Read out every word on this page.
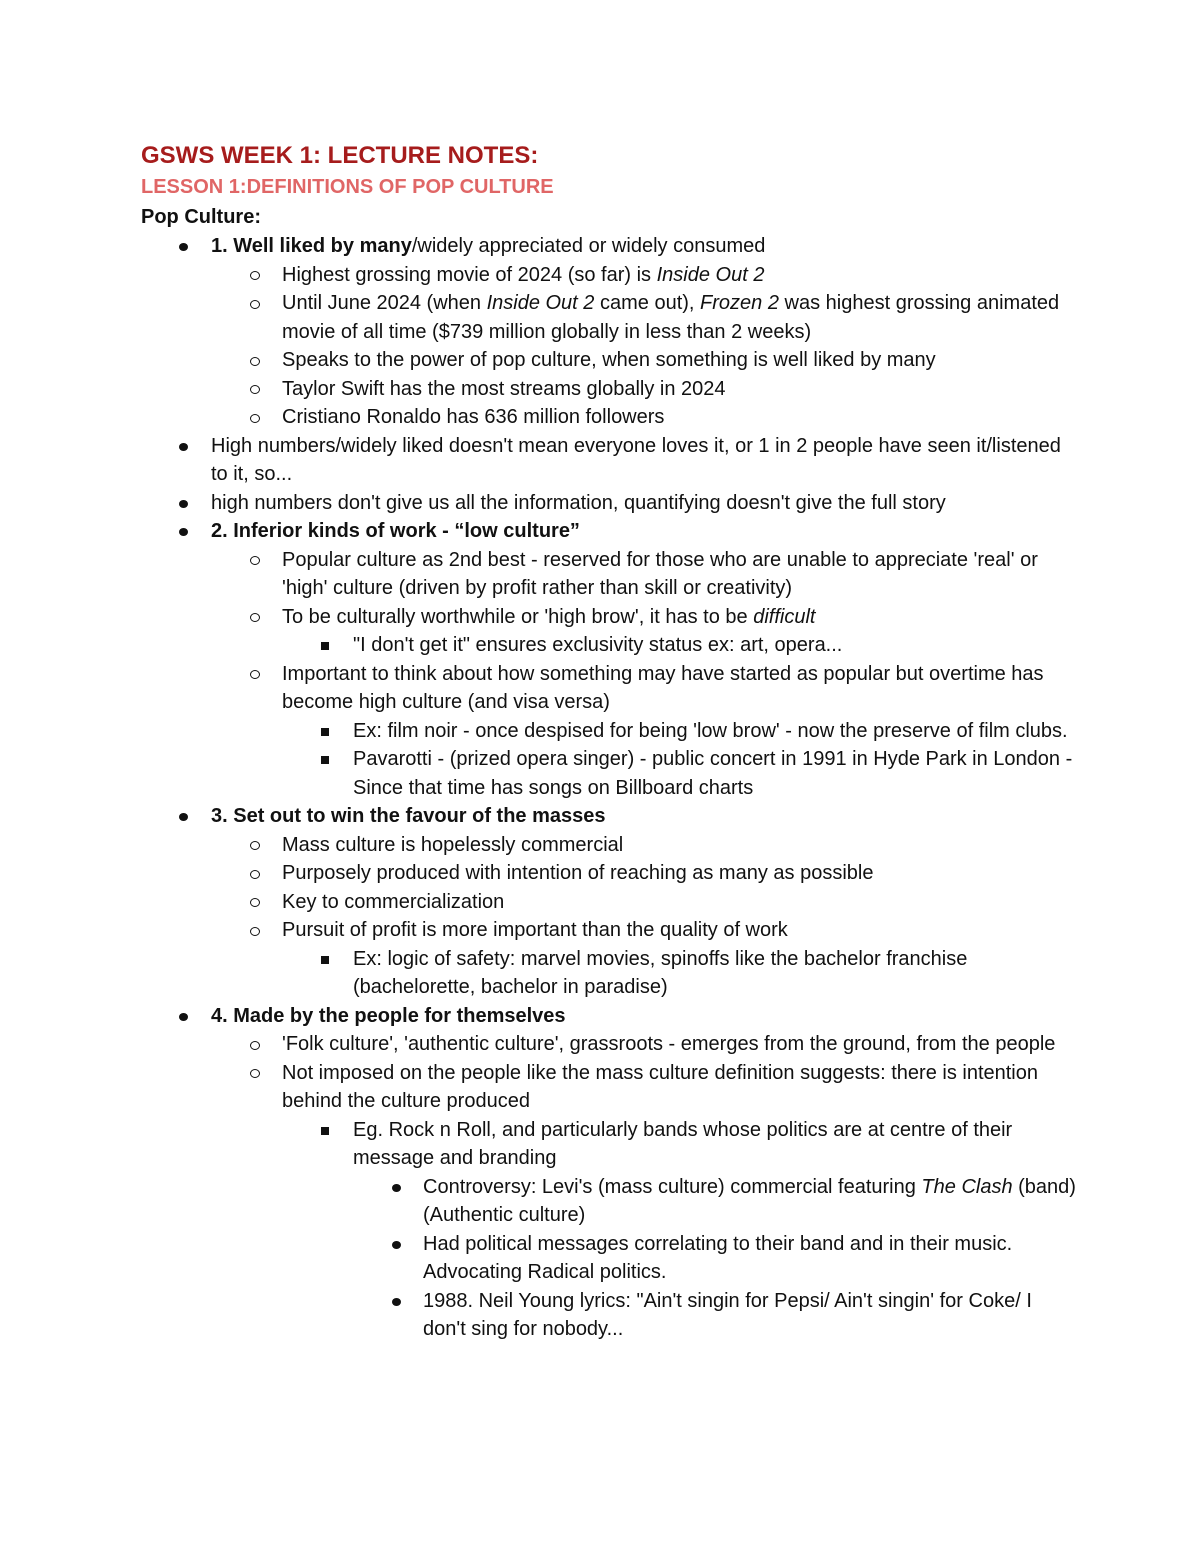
GSWS WEEK 1: LECTURE NOTES:
LESSON 1:DEFINITIONS OF POP CULTURE
Pop Culture:
1. Well liked by many/widely appreciated or widely consumed
Highest grossing movie of 2024 (so far) is Inside Out 2
Until June 2024 (when Inside Out 2 came out), Frozen 2 was highest grossing animated movie of all time ($739 million globally in less than 2 weeks)
Speaks to the power of pop culture, when something is well liked by many
Taylor Swift has the most streams globally in 2024
Cristiano Ronaldo has 636 million followers
High numbers/widely liked doesn't mean everyone loves it, or 1 in 2 people have seen it/listened to it, so...
high numbers don't give us all the information, quantifying doesn't give the full story
2. Inferior kinds of work - “low culture”
Popular culture as 2nd best - reserved for those who are unable to appreciate 'real' or 'high' culture (driven by profit rather than skill or creativity)
To be culturally worthwhile or 'high brow', it has to be difficult
"I don't get it" ensures exclusivity status ex: art, opera...
Important to think about how something may have started as popular but overtime has become high culture (and visa versa)
Ex: film noir - once despised for being 'low brow' - now the preserve of film clubs.
Pavarotti - (prized opera singer) - public concert in 1991 in Hyde Park in London - Since that time has songs on Billboard charts
3. Set out to win the favour of the masses
Mass culture is hopelessly commercial
Purposely produced with intention of reaching as many as possible
Key to commercialization
Pursuit of profit is more important than the quality of work
Ex: logic of safety: marvel movies, spinoffs like the bachelor franchise (bachelorette, bachelor in paradise)
4. Made by the people for themselves
'Folk culture', 'authentic culture', grassroots - emerges from the ground, from the people
Not imposed on the people like the mass culture definition suggests: there is intention behind the culture produced
Eg. Rock n Roll, and particularly bands whose politics are at centre of their message and branding
Controversy: Levi's (mass culture) commercial featuring The Clash (band) (Authentic culture)
Had political messages correlating to their band and in their music. Advocating Radical politics.
1988. Neil Young lyrics: "Ain't singin for Pepsi/ Ain't singin' for Coke/ I don't sing for nobody...
